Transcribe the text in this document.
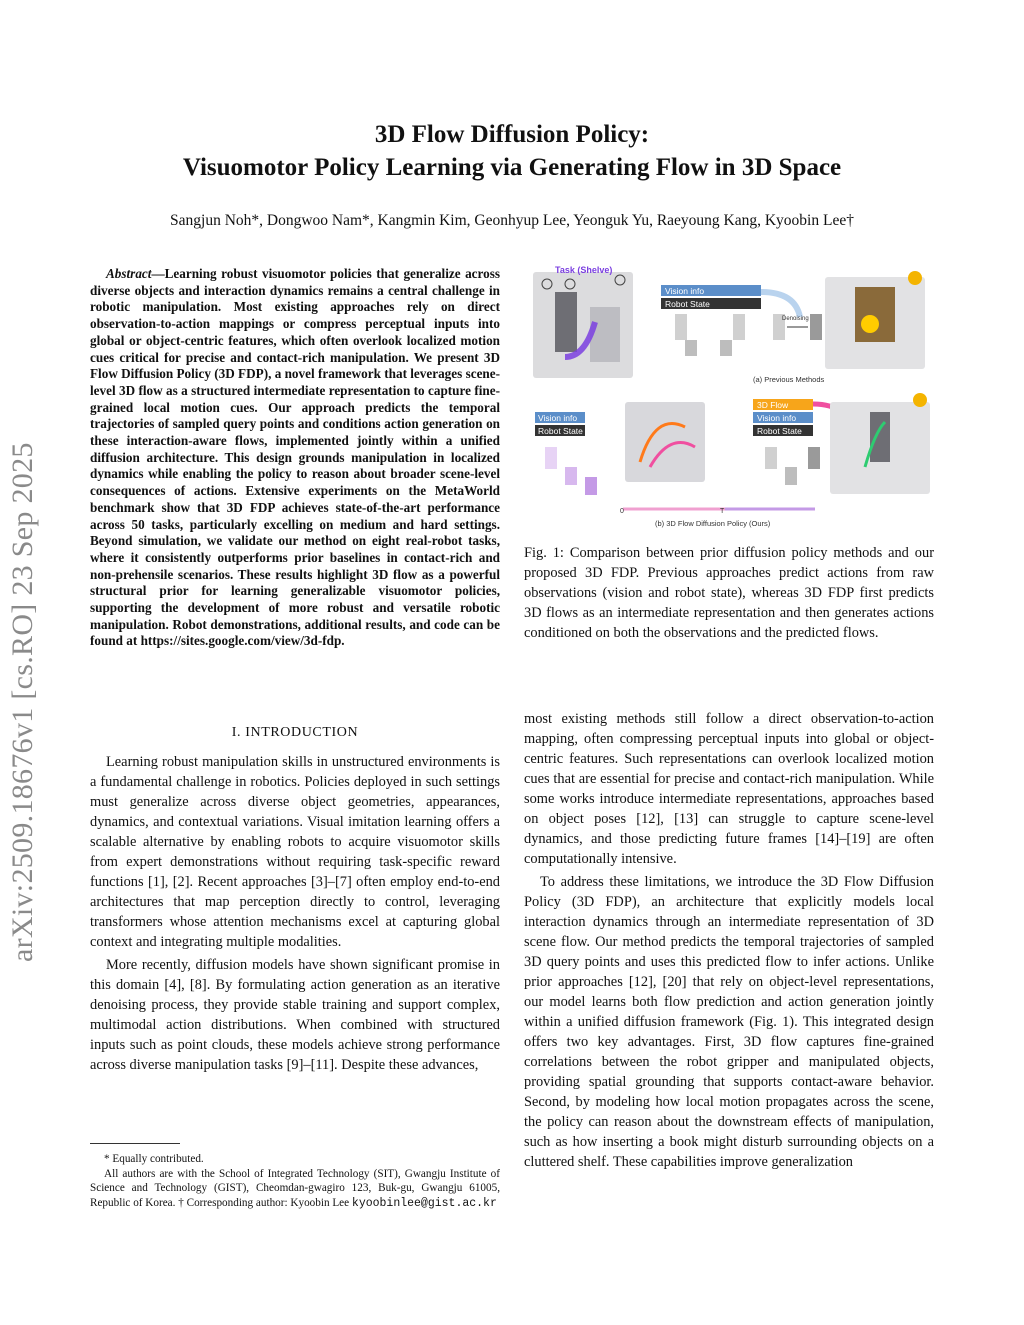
arXiv:2509.18676v1 [cs.RO] 23 Sep 2025
3D Flow Diffusion Policy:
Visuomotor Policy Learning via Generating Flow in 3D Space
Sangjun Noh*, Dongwoo Nam*, Kangmin Kim, Geonhyup Lee, Yeonguk Yu, Raeyoung Kang, Kyoobin Lee†
Abstract—Learning robust visuomotor policies that generalize across diverse objects and interaction dynamics remains a central challenge in robotic manipulation. Most existing approaches rely on direct observation-to-action mappings or compress perceptual inputs into global or object-centric features, which often overlook localized motion cues critical for precise and contact-rich manipulation. We present 3D Flow Diffusion Policy (3D FDP), a novel framework that leverages scene-level 3D flow as a structured intermediate representation to capture fine-grained local motion cues. Our approach predicts the temporal trajectories of sampled query points and conditions action generation on these interaction-aware flows, implemented jointly within a unified diffusion architecture. This design grounds manipulation in localized dynamics while enabling the policy to reason about broader scene-level consequences of actions. Extensive experiments on the MetaWorld benchmark show that 3D FDP achieves state-of-the-art performance across 50 tasks, particularly excelling on medium and hard settings. Beyond simulation, we validate our method on eight real-robot tasks, where it consistently outperforms prior baselines in contact-rich and non-prehensile scenarios. These results highlight 3D flow as a powerful structural prior for learning generalizable visuomotor policies, supporting the development of more robust and versatile robotic manipulation. Robot demonstrations, additional results, and code can be found at https://sites.google.com/view/3d-fdp.
I. INTRODUCTION

Learning robust manipulation skills in unstructured environments is a fundamental challenge in robotics. Policies deployed in such settings must generalize across diverse object geometries, appearances, dynamics, and contextual variations. Visual imitation learning offers a scalable alternative by enabling robots to acquire visuomotor skills from expert demonstrations without requiring task-specific reward functions [1], [2]. Recent approaches [3]–[7] often employ end-to-end architectures that map perception directly to control, leveraging transformers whose attention mechanisms excel at capturing global context and integrating multiple modalities.

More recently, diffusion models have shown significant promise in this domain [4], [8]. By formulating action generation as an iterative denoising process, they provide stable training and support complex, multimodal action distributions. When combined with structured inputs such as point clouds, these models achieve strong performance across diverse manipulation tasks [9]–[11]. Despite these advances,

* Equally contributed.
All authors are with the School of Integrated Technology (SIT), Gwangju Institute of Science and Technology (GIST), Cheomdan-gwagiro 123, Buk-gu, Gwangju 61005, Republic of Korea. † Corresponding author: Kyoobin Lee kyoobinlee@gist.ac.kr
Task (Shelve)
Vision info
Robot State
Denoising
(a) Previous Methods
Vision info
Robot State
3D Flow
Vision info
Robot State
0	T
(b) 3D Flow Diffusion Policy (Ours)
Fig. 1: Comparison between prior diffusion policy methods and our proposed 3D FDP. Previous approaches predict actions from raw observations (vision and robot state), whereas 3D FDP first predicts 3D flows as an intermediate representation and then generates actions conditioned on both the observations and the predicted flows.

most existing methods still follow a direct observation-to-action mapping, often compressing perceptual inputs into global or object-centric features. Such representations can overlook localized motion cues that are essential for precise and contact-rich manipulation. While some works introduce intermediate representations, approaches based on object poses [12], [13] can struggle to capture scene-level dynamics, and those predicting future frames [14]–[19] are often computationally intensive.

To address these limitations, we introduce the 3D Flow Diffusion Policy (3D FDP), an architecture that explicitly models local interaction dynamics through an intermediate representation of 3D scene flow. Our method predicts the temporal trajectories of sampled 3D query points and uses this predicted flow to infer actions. Unlike prior approaches [12], [20] that rely on object-level representations, our model learns both flow prediction and action generation jointly within a unified diffusion framework (Fig. 1). This integrated design offers two key advantages. First, 3D flow captures fine-grained correlations between the robot gripper and manipulated objects, providing spatial grounding that supports contact-aware behavior. Second, by modeling how local motion propagates across the scene, the policy can reason about the downstream effects of manipulation, such as how inserting a book might disturb surrounding objects on a cluttered shelf. These capabilities improve generalization
